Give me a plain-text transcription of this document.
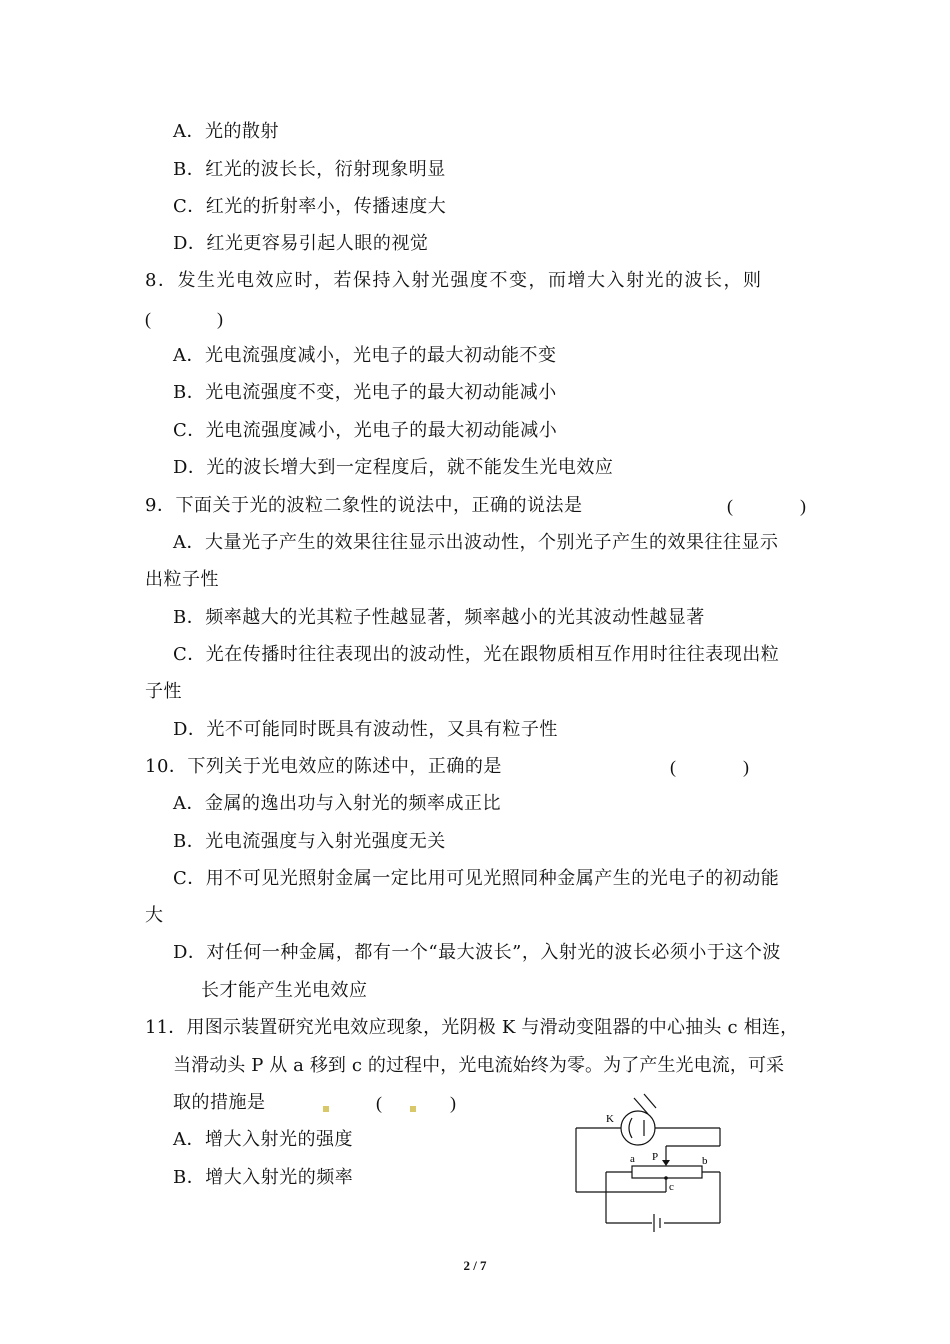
A．光的散射
B．红光的波长长，衍射现象明显
C．红光的折射率小，传播速度大
D．红光更容易引起人眼的视觉
8．发生光电效应时，若保持入射光强度不变，而增大入射光的波长，则
(	)
A．光电流强度减小，光电子的最大初动能不变
B．光电流强度不变，光电子的最大初动能减小
C．光电流强度减小，光电子的最大初动能减小
D．光的波长增大到一定程度后，就不能发生光电效应
9．下面关于光的波粒二象性的说法中，正确的说法是	(	)
A．大量光子产生的效果往往显示出波动性，个别光子产生的效果往往显示
出粒子性
B．频率越大的光其粒子性越显著，频率越小的光其波动性越显著
C．光在传播时往往表现出的波动性，光在跟物质相互作用时往往表现出粒
子性
D．光不可能同时既具有波动性，又具有粒子性
10．下列关于光电效应的陈述中，正确的是	(	)
A．金属的逸出功与入射光的频率成正比
B．光电流强度与入射光强度无关
C．用不可见光照射金属一定比用可见光照同种金属产生的光电子的初动能
大
D．对任何一种金属，都有一个“最大波长”，入射光的波长必须小于这个波
长才能产生光电效应
11．用图示装置研究光电效应现象，光阴极 K 与滑动变阻器的中心抽头 c 相连，
当滑动头 P 从 a 移到 c 的过程中，光电流始终为零。为了产生光电流，可采
取的措施是	(	)
A．增大入射光的强度
B．增大入射光的频率
K
P
a	b
c
2 / 7
